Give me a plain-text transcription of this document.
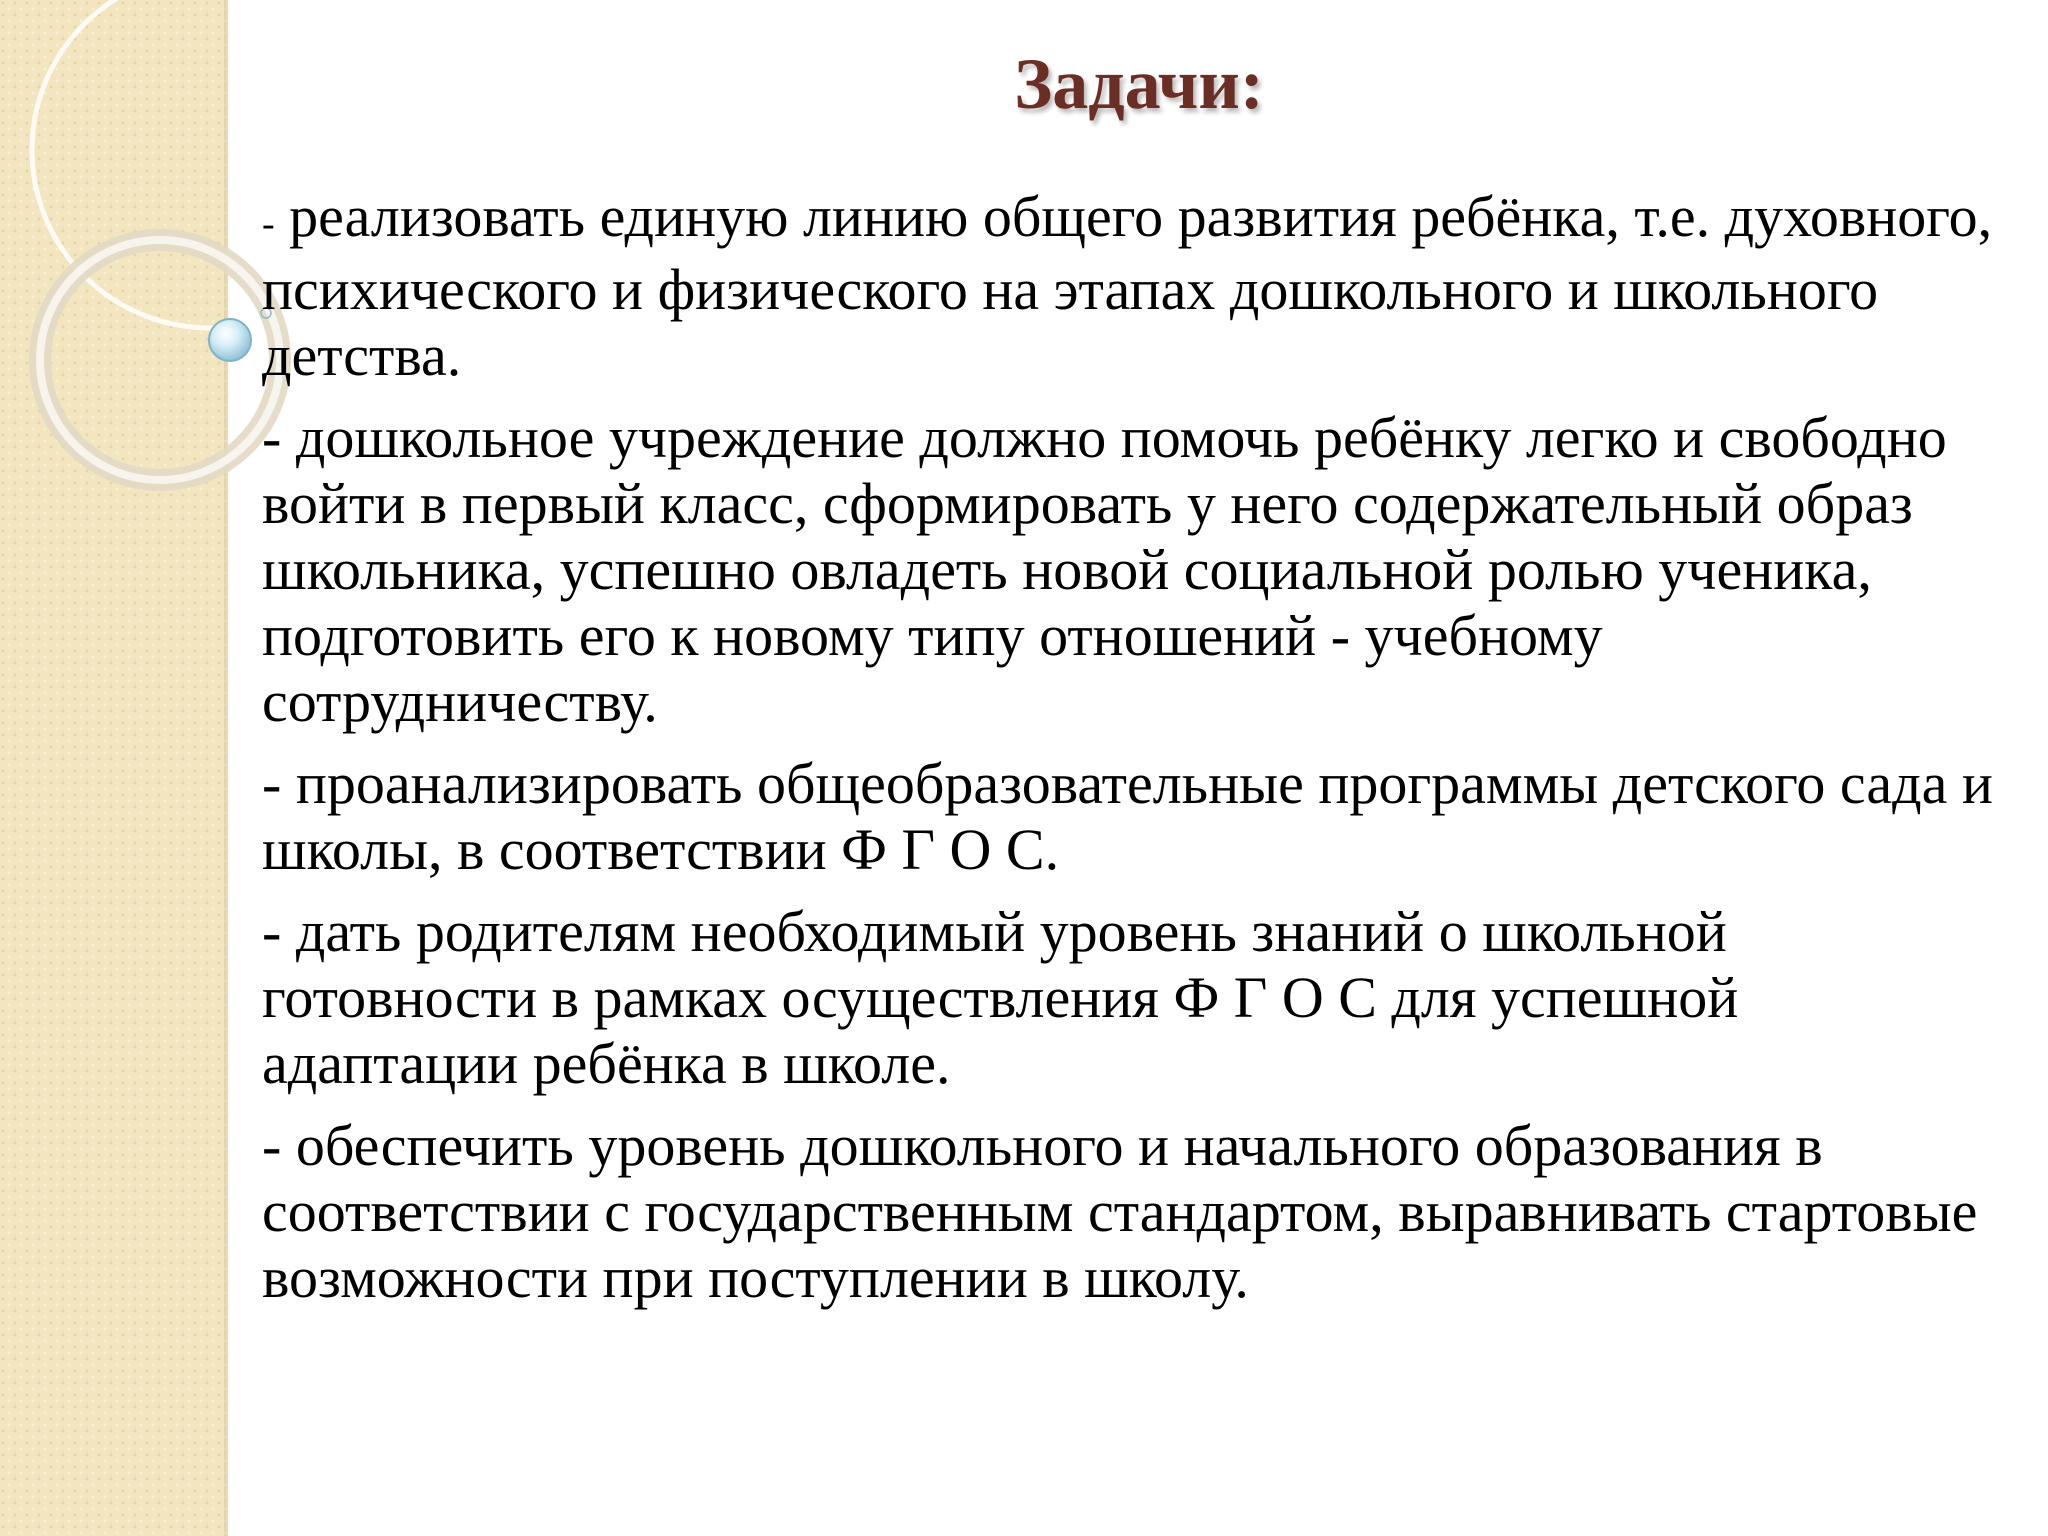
Задачи:
- реализовать единую линию общего развития ребёнка, т.е. духовного, психического и физического на этапах дошкольного и школьного детства.
- дошкольное учреждение должно помочь ребёнку легко и свободно войти в первый класс, сформировать у него содержательный образ школьника, успешно овладеть новой социальной ролью ученика, подготовить его к новому типу отношений - учебному сотрудничеству.
- проанализировать общеобразовательные программы детского сада и школы, в соответствии Ф Г О С.
- дать родителям необходимый уровень знаний о школьной готовности в рамках осуществления Ф Г О С для успешной адаптации ребёнка в школе.
- обеспечить уровень дошкольного и начального образования в соответствии с государственным стандартом, выравнивать стартовые возможности при поступлении в школу.
